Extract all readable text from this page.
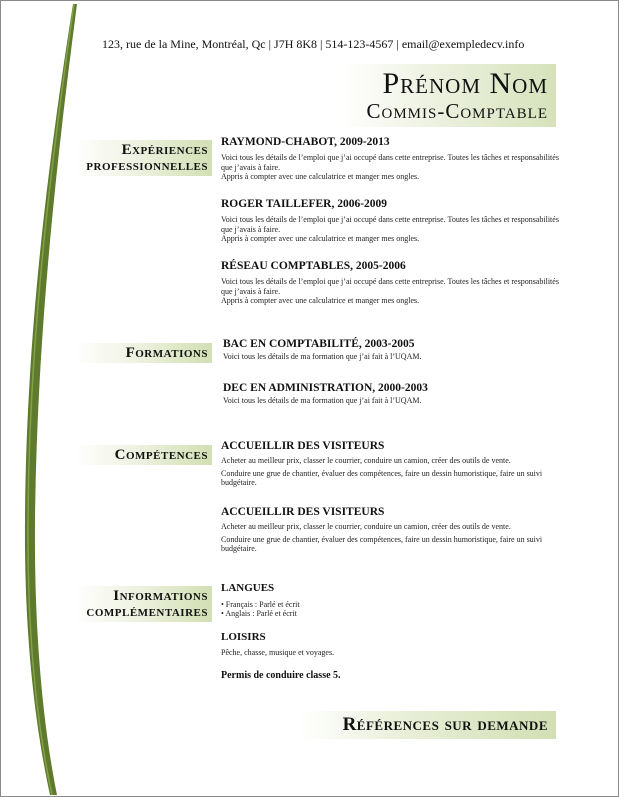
123, rue de la Mine, Montréal, Qc | J7H 8K8 | 514-123-4567 | email@exempledecv.info
Prénom Nom
Commis-Comptable
Expériences
professionnelles
RAYMOND-CHABOT, 2009-2013
Voici tous les détails de l’emploi que j’ai occupé dans cette entreprise. Toutes les tâches et responsabilités que j’avais à faire.
Appris à compter avec une calculatrice et manger mes ongles.
ROGER TAILLEFER, 2006-2009
Voici tous les détails de l’emploi que j’ai occupé dans cette entreprise. Toutes les tâches et responsabilités que j’avais à faire.
Appris à compter avec une calculatrice et manger mes ongles.
RÉSEAU COMPTABLES, 2005-2006
Voici tous les détails de l’emploi que j’ai occupé dans cette entreprise. Toutes les tâches et responsabilités que j’avais à faire.
Appris à compter avec une calculatrice et manger mes ongles.
Formations
BAC EN COMPTABILITÉ, 2003-2005
Voici tous les détails de ma formation que j’ai fait à l’UQAM.
DEC EN ADMINISTRATION, 2000-2003
Voici tous les détails de ma formation que j’ai fait à l’UQAM.
Compétences
ACCUEILLIR DES VISITEURS
Acheter au meilleur prix, classer le courrier, conduire un camion, créer des outils de vente.
Conduire une grue de chantier, évaluer des compétences, faire un dessin humoristique, faire un suivi budgétaire.
ACCUEILLIR DES VISITEURS
Acheter au meilleur prix, classer le courrier, conduire un camion, créer des outils de vente.
Conduire une grue de chantier, évaluer des compétences, faire un dessin humoristique, faire un suivi budgétaire.
Informations
complémentaires
LANGUES
• Français : Parlé et écrit
• Anglais : Parlé et écrit
LOISIRS
Pêche, chasse, musique et voyages.
Permis de conduire classe 5.
Références sur demande
